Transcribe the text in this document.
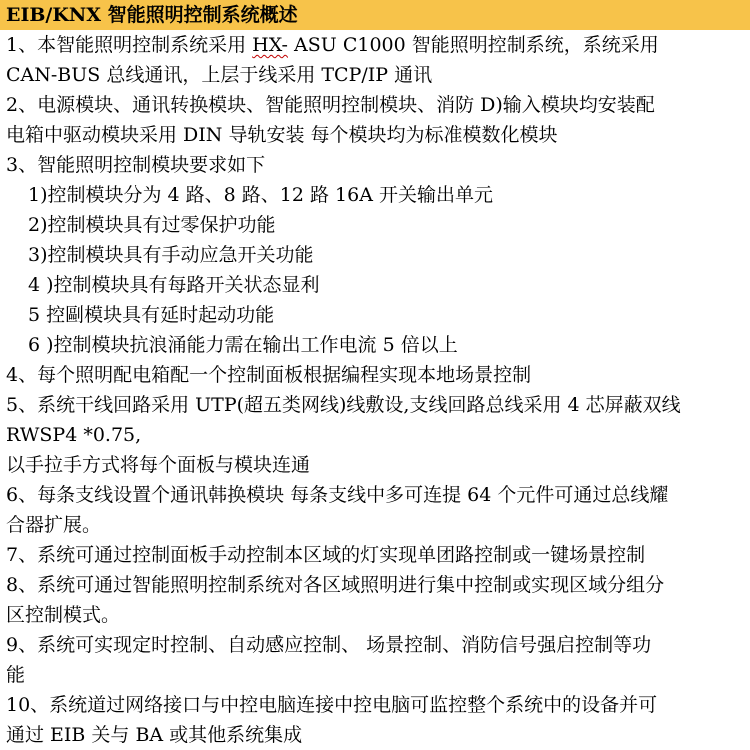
EIB/KNX 智能照明控制系统概述
1、本智能照明控制系统采用 HX- ASU C1000 智能照明控制系统，系统采用
CAN-BUS 总线通讯，上层于线采用 TCP/IP 通讯
2、电源模块、通讯转换模块、智能照明控制模块、消防 D)输入模块均安装配
电箱中驱动模块采用 DIN 导轨安装 每个模块均为标准模数化模块
3、智能照明控制模块要求如下
1)控制模块分为 4 路、8 路、12 路 16A 开关输出单元
2)控制模块具有过零保护功能
3)控制模块具有手动应急开关功能
4 )控制模块具有每路开关状态显利
5 控剾模块具有延时起动功能
6 )控制模块抗浪涌能力需在输出工作电流 5 倍以上
4、每个照明配电箱配一个控制面板根据编程实现本地场景控制
5、系统干线回路采用 UTP(超五类网线)线敷设,支线回路总线采用 4 芯屏蔽双线
RWSP4 *0.75,
以手拉手方式将每个面板与模块连通
6、每条支线设置个通讯韩换模块 每条支线中多可连提 64 个元件可通过总线耀
合器扩展。
7、系统可通过控制面板手动控制本区域的灯实现单团路控制或一键场景控制
8、系统可通过智能照明控制系统对各区域照明进行集中控制或实现区域分组分
区控制模式。
9、系统可实现定时控制、自动感应控制、 场景控制、消防信号强启控制等功
能
10、系统道过网络接口与中控电脑连接中控电脑可监控整个系统中的设备并可
通过 EIB 关与 BA 或其他系统集成
